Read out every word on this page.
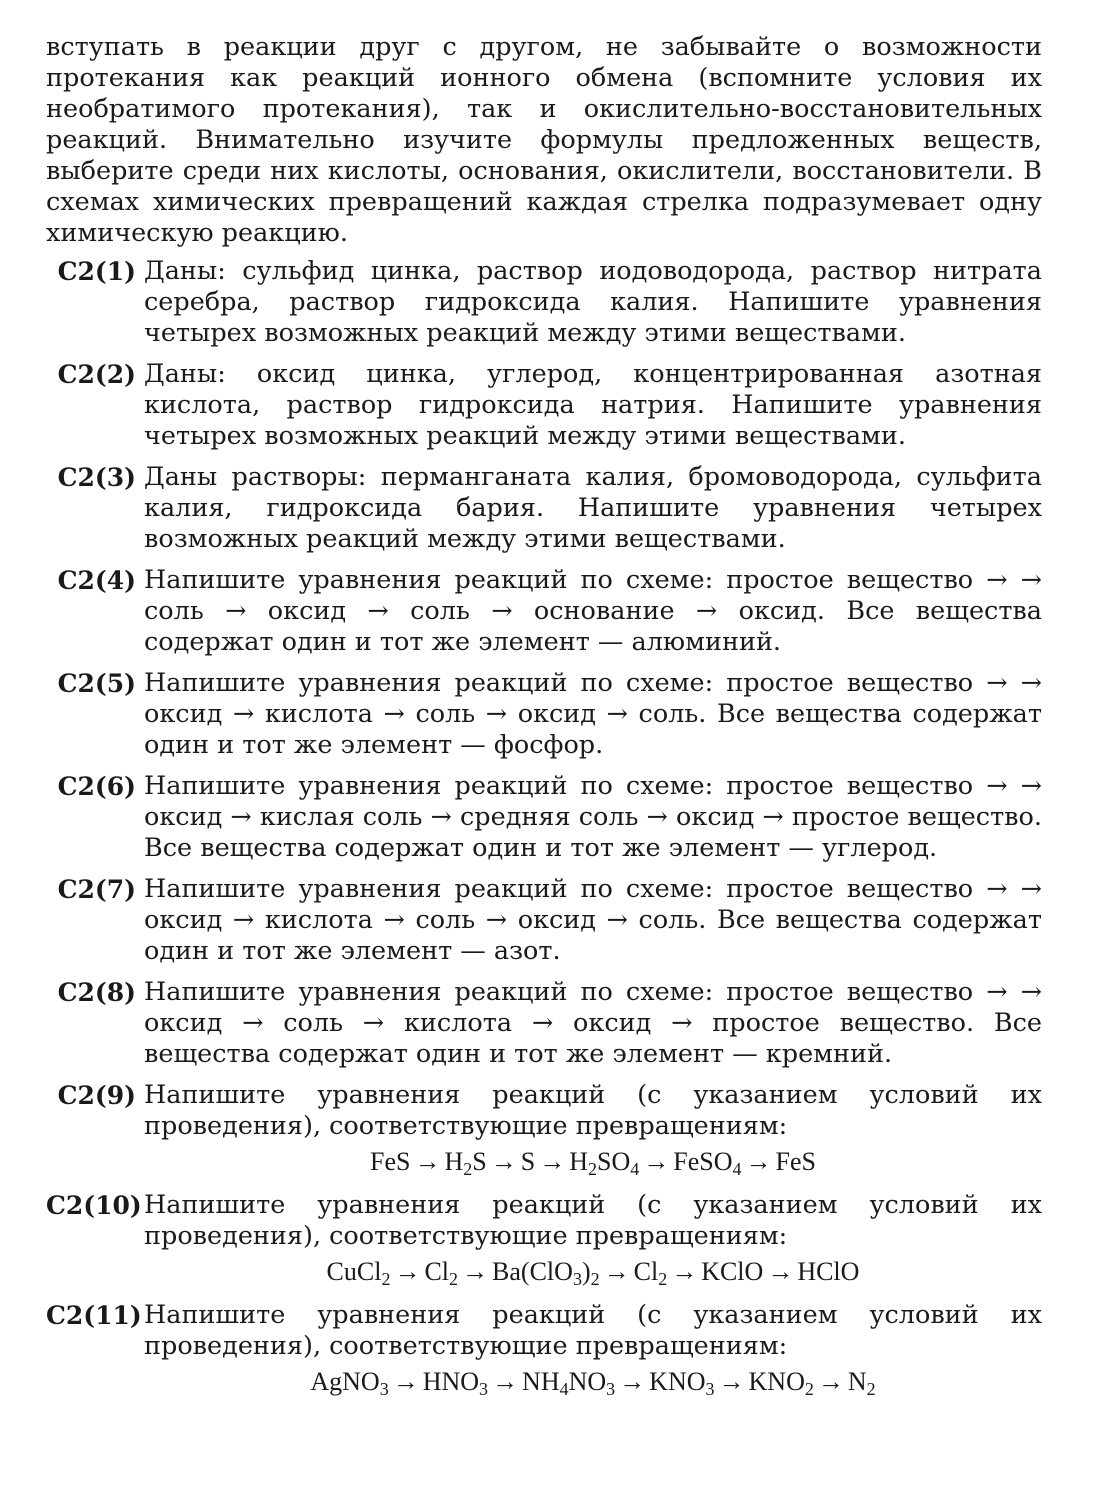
вступать в реакции друг с другом, не забывайте о возможности протекания как реакций ионного обмена (вспомните условия их необратимого протекания), так и окислительно-восстановительных реакций. Внимательно изучите формулы предложенных веществ, выберите среди них кислоты, основания, окислители, восстановители. В схемах химических превращений каждая стрелка подразумевает одну химическую реакцию.

С2(1) Даны: сульфид цинка, раствор иодоводорода, раствор нитрата серебра, раствор гидроксида калия. Напишите уравнения четырех возможных реакций между этими веществами.
С2(2) Даны: оксид цинка, углерод, концентрированная азотная кислота, раствор гидроксида натрия. Напишите уравнения четырех возможных реакций между этими веществами.
С2(3) Даны растворы: перманганата калия, бромоводорода, сульфита калия, гидроксида бария. Напишите уравнения четырех возможных реакций между этими веществами.
С2(4) Напишите уравнения реакций по схеме: простое вещество → → соль → оксид → соль → основание → оксид. Все вещества содержат один и тот же элемент — алюминий.
С2(5) Напишите уравнения реакций по схеме: простое вещество → → оксид → кислота → соль → оксид → соль. Все вещества содержат один и тот же элемент — фосфор.
С2(6) Напишите уравнения реакций по схеме: простое вещество → → оксид → кислая соль → средняя соль → оксид → простое вещество. Все вещества содержат один и тот же элемент — углерод.
С2(7) Напишите уравнения реакций по схеме: простое вещество → → оксид → кислота → соль → оксид → соль. Все вещества содержат один и тот же элемент — азот.
С2(8) Напишите уравнения реакций по схеме: простое вещество → → оксид → соль → кислота → оксид → простое вещество. Все вещества содержат один и тот же элемент — кремний.
С2(9) Напишите уравнения реакций (с указанием условий их проведения), соответствующие превращениям:
FeS → $H_2S \to S \to H_2SO_4$ → FeSO$_4$ → FeS
С2(10) Напишите уравнения реакций (с указанием условий их проведения), соответствующие превращениям:
CuCl$_2$ → $Cl_2 \to Ba(ClO_3)_2 \to Cl_2$ → KClO → HClO
С2(11) Напишите уравнения реакций (с указанием условий их проведения), соответствующие превращениям:
AgNO$_3$ → $HNO_3 \to NH_4NO_3 \to KNO_3 \to KNO_2 \to N_2$
